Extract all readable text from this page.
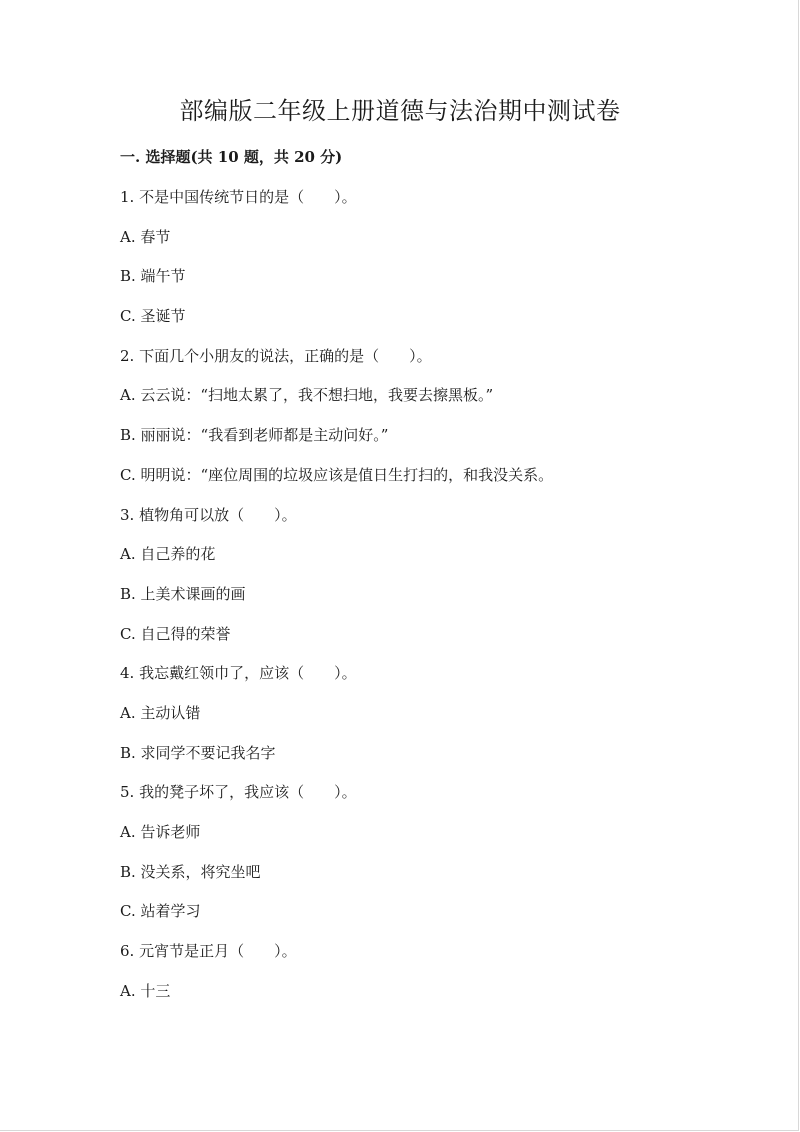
部编版二年级上册道德与法治期中测试卷
一. 选择题(共 10 题，共 20 分)
1. 不是中国传统节日的是（　　）。
A. 春节
B. 端午节
C. 圣诞节
2. 下面几个小朋友的说法，正确的是（　　）。
A. 云云说：“扫地太累了，我不想扫地，我要去擦黑板。”
B. 丽丽说：“我看到老师都是主动问好。”
C. 明明说：“座位周围的垃圾应该是值日生打扫的，和我没关系。
3. 植物角可以放（　　）。
A. 自己养的花
B. 上美术课画的画
C. 自己得的荣誉
4. 我忘戴红领巾了，应该（　　）。
A. 主动认错
B. 求同学不要记我名字
5. 我的凳子坏了，我应该（　　）。
A. 告诉老师
B. 没关系，将究坐吧
C. 站着学习
6. 元宵节是正月（　　）。
A. 十三
